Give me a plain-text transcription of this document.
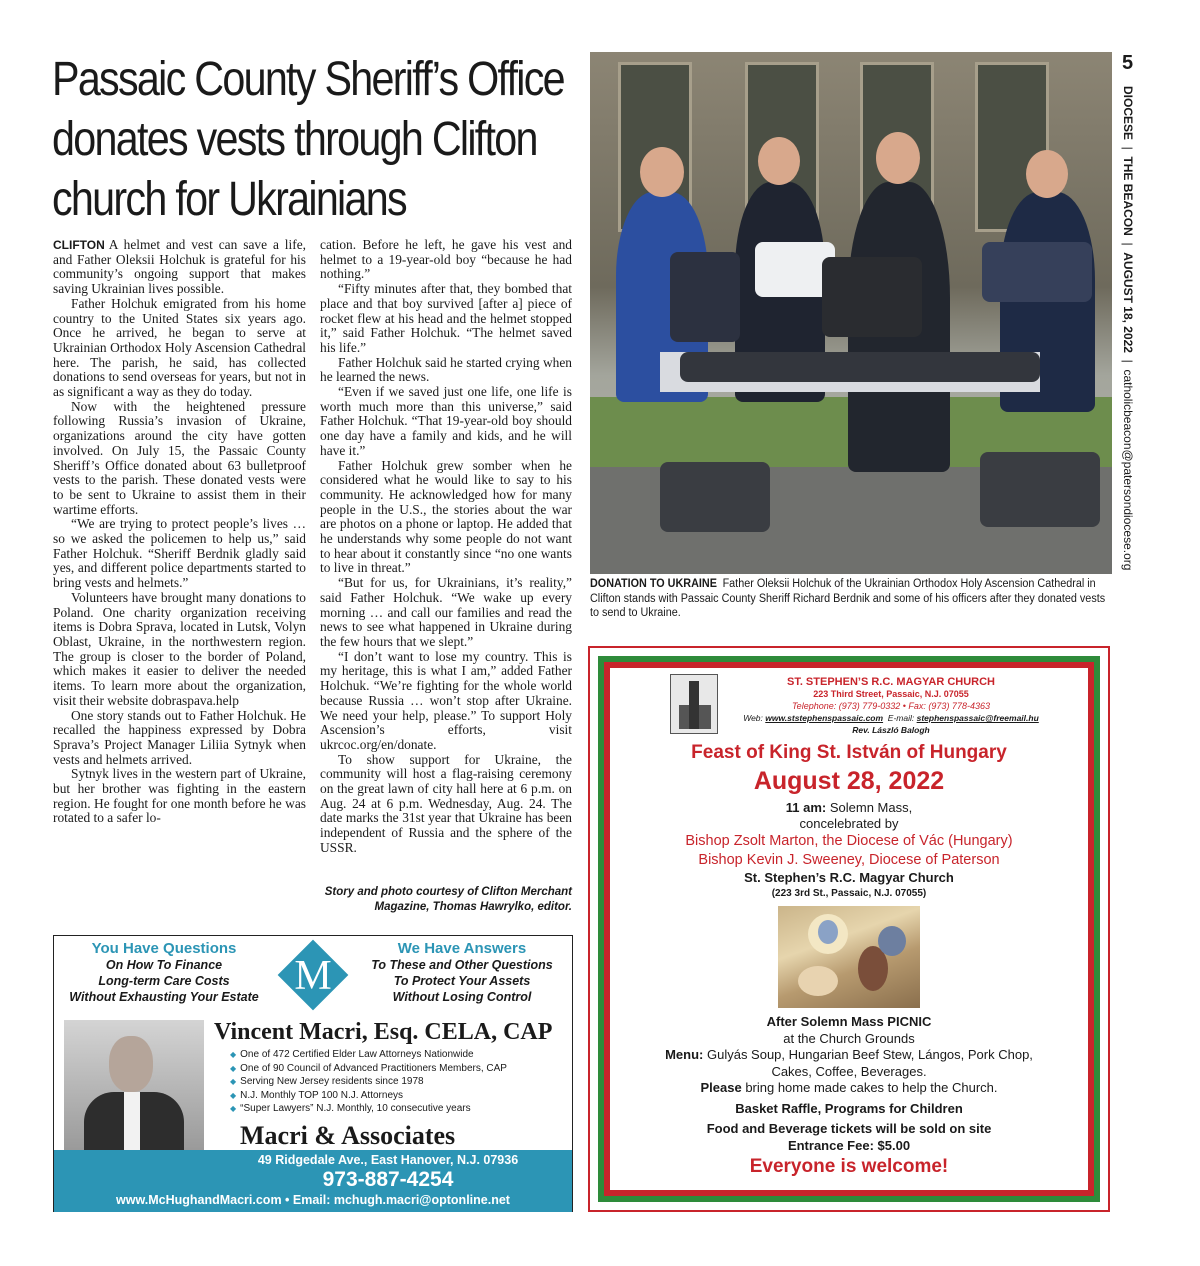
Passaic County Sheriff’s Office donates vests through Clifton church for Ukrainians

CLIFTON A helmet and vest can save a life, and Father Oleksii Holchuk is grateful for his community’s ongoing support that makes saving Ukrainian lives possible.

Father Holchuk emigrated from his home country to the United States six years ago. Once he arrived, he began to serve at Ukrainian Orthodox Holy Ascension Cathedral here. The parish, he said, has collected donations to send overseas for years, but not in as significant a way as they do today.

Now with the heightened pressure following Russia’s invasion of Ukraine, organizations around the city have gotten involved. On July 15, the Passaic County Sheriff’s Office donated about 63 bulletproof vests to the parish. These donated vests were to be sent to Ukraine to assist them in their wartime efforts.

“We are trying to protect people’s lives … so we asked the policemen to help us,” said Father Holchuk. “Sheriff Berdnik gladly said yes, and different police departments started to bring vests and helmets.”

Volunteers have brought many donations to Poland. One charity organization receiving items is Dobra Sprava, located in Lutsk, Volyn Oblast, Ukraine, in the northwestern region. The group is closer to the border of Poland, which makes it easier to deliver the needed items. To learn more about the organization, visit their website dobraspava.help

One story stands out to Father Holchuk. He recalled the happiness expressed by Dobra Sprava’s Project Manager Liliia Sytnyk when vests and helmets arrived.

Sytnyk lives in the western part of Ukraine, but her brother was fighting in the eastern region. He fought for one month before he was rotated to a safer lo-

cation. Before he left, he gave his vest and helmet to a 19-year-old boy “because he had nothing.”

“Fifty minutes after that, they bombed that place and that boy survived [after a] piece of rocket flew at his head and the helmet stopped it,” said Father Holchuk. “The helmet saved his life.”

Father Holchuk said he started crying when he learned the news.

“Even if we saved just one life, one life is worth much more than this universe,” said Father Holchuk. “That 19-year-old boy should one day have a family and kids, and he will have it.”

Father Holchuk grew somber when he considered what he would like to say to his community. He acknowledged how for many people in the U.S., the stories about the war are photos on a phone or laptop. He added that he understands why some people do not want to hear about it constantly since “no one wants to live in threat.”

“But for us, for Ukrainians, it’s reality,” said Father Holchuk. “We wake up every morning … and call our families and read the news to see what happened in Ukraine during the few hours that we slept.”

“I don’t want to lose my country. This is my heritage, this is what I am,” added Father Holchuk. “We’re fighting for the whole world because Russia … won’t stop after Ukraine. We need your help, please.” To support Holy Ascension’s efforts, visit ukrcoc.org/en/donate.

To show support for Ukraine, the community will host a flag-raising ceremony on the great lawn of city hall here at 6 p.m. on Aug. 24 at 6 p.m. Wednesday, Aug. 24. The date marks the 31st year that Ukraine has been independent of Russia and the sphere of the USSR.

Story and photo courtesy of Clifton Merchant Magazine, Thomas Hawrylko, editor.
DONATION TO UKRAINE Father Oleksii Holchuk of the Ukrainian Orthodox Holy Ascension Cathedral in Clifton stands with Passaic County Sheriff Richard Berdnik and some of his officers after they donated vests to send to Ukraine.
5
DIOCESE  |  THE BEACON  |  AUGUST 18, 2022  |  catholicbeacon@patersondiocese.org
ST. STEPHEN’S R.C. MAGYAR CHURCH
223 Third Street, Passaic, N.J. 07055
Telephone: (973) 779-0332 • Fax: (973) 778-4363
Web: www.ststephenspassaic.com E-mail: stephenspassaic@freemail.hu
Rev. László Balogh
Feast of King St. István of Hungary
August 28, 2022
11 am: Solemn Mass,
concelebrated by
Bishop Zsolt Marton, the Diocese of Vác (Hungary)
Bishop Kevin J. Sweeney, Diocese of Paterson
St. Stephen’s R.C. Magyar Church
(223 3rd St., Passaic, N.J. 07055)
After Solemn Mass PICNIC
at the Church Grounds
Menu: Gulyás Soup, Hungarian Beef Stew, Lángos, Pork Chop,
Cakes, Coffee, Beverages.
Please bring home made cakes to help the Church.
Basket Raffle, Programs for Children
Food and Beverage tickets will be sold on site
Entrance Fee: $5.00
Everyone is welcome!
You Have Questions
On How To Finance
Long-term Care Costs
Without Exhausting Your Estate M
We Have Answers
To These and Other Questions
To Protect Your Assets
Without Losing Control
Vincent Macri, Esq. CELA, CAP
◆ One of 472 Certified Elder Law Attorneys Nationwide
◆ One of 90 Council of Advanced Practitioners Members, CAP
◆ Serving New Jersey residents since 1978
◆ N.J. Monthly TOP 100 N.J. Attorneys
◆ “Super Lawyers” N.J. Monthly, 10 consecutive years
Macri & Associates
49 Ridgedale Ave., East Hanover, N.J. 07936
973-887-4254
www.McHughandMacri.com • Email: mchugh.macri@optonline.net
